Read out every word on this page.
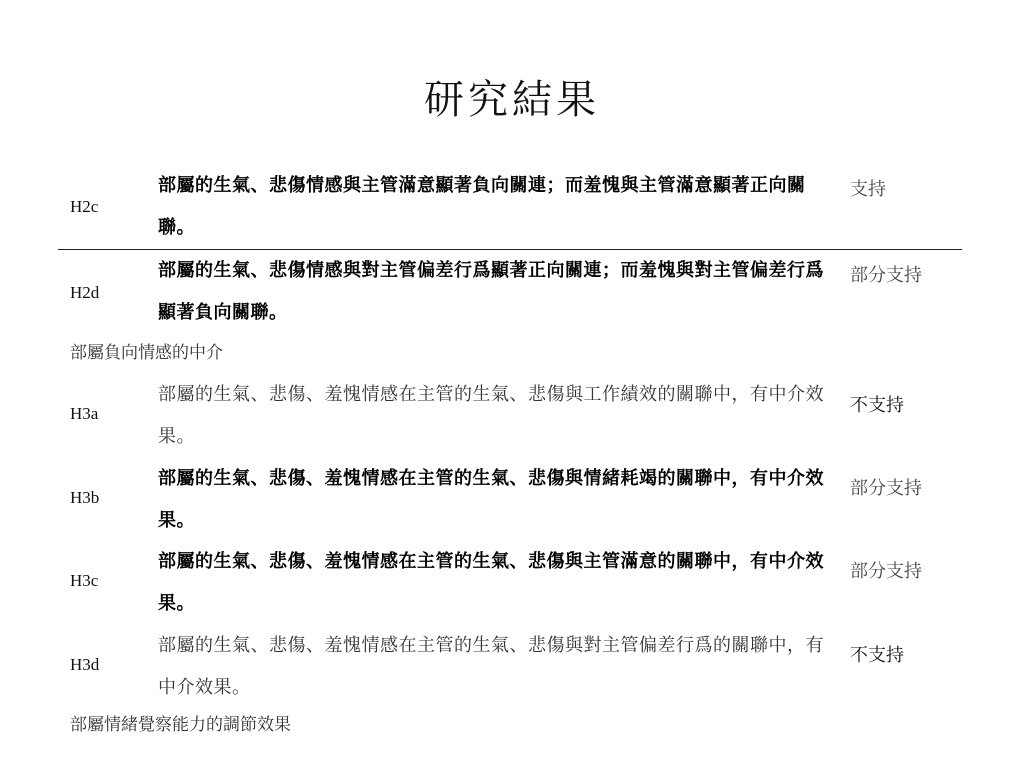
研究結果
H2c
部屬的生氣、悲傷情感與主管滿意顯著負向關連；而羞愧與主管滿意顯著正向關聯。
支持
H2d
部屬的生氣、悲傷情感與對主管偏差行爲顯著正向關連；而羞愧與對主管偏差行爲顯著負向關聯。
部分支持
部屬負向情感的中介
H3a
部屬的生氣、悲傷、羞愧情感在主管的生氣、悲傷與工作績效的關聯中，有中介效果。
不支持
H3b
部屬的生氣、悲傷、羞愧情感在主管的生氣、悲傷與情緒耗竭的關聯中，有中介效果。
部分支持
H3c
部屬的生氣、悲傷、羞愧情感在主管的生氣、悲傷與主管滿意的關聯中，有中介效果。
部分支持
H3d
部屬的生氣、悲傷、羞愧情感在主管的生氣、悲傷與對主管偏差行爲的關聯中，有中介效果。
不支持
部屬情緒覺察能力的調節效果
